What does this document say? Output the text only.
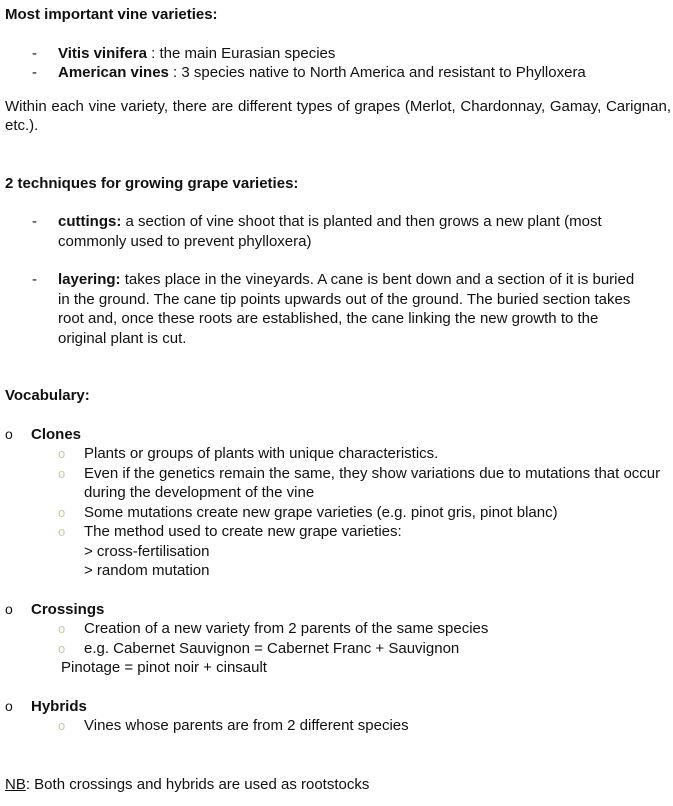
Most important vine varieties:
- Vitis vinifera : the main Eurasian species
- American vines : 3 species native to North America and resistant to Phylloxera
Within each vine variety, there are different types of grapes (Merlot, Chardonnay, Gamay, Carignan, etc.).
2 techniques for growing grape varieties:
- cuttings: a section of vine shoot that is planted and then grows a new plant (most commonly used to prevent phylloxera)
- layering: takes place in the vineyards. A cane is bent down and a section of it is buried in the ground. The cane tip points upwards out of the ground. The buried section takes root and, once these roots are established, the cane linking the new growth to the original plant is cut.
Vocabulary:
o Clones
o Plants or groups of plants with unique characteristics.
o Even if the genetics remain the same, they show variations due to mutations that occur during the development of the vine
o Some mutations create new grape varieties (e.g. pinot gris, pinot blanc)
o The method used to create new grape varieties:
> cross-fertilisation
> random mutation
o Crossings
o Creation of a new variety from 2 parents of the same species
o e.g. Cabernet Sauvignon = Cabernet Franc + Sauvignon
Pinotage = pinot noir + cinsault
o Hybrids
o Vines whose parents are from 2 different species
NB: Both crossings and hybrids are used as rootstocks
